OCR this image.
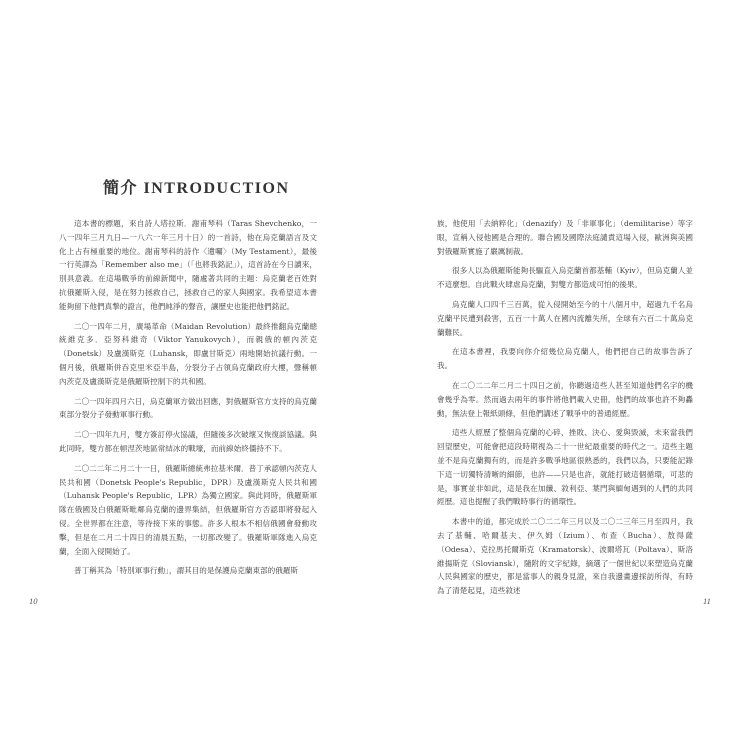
簡介 INTRODUCTION

這本書的標題，來自詩人塔拉斯．謝甫琴科（Taras Shevchenko，一八一四年三月九日—一八六一年三月十日）的一首詩，他在烏克蘭語言及文化上占有極重要的地位。謝甫琴科的詩作〈遺囑〉（My Testament），最後一行英譯為「Remember also me」（「也將我銘記」），這首詩在今日讀來，別具意義。在這場戰爭的前線新聞中，隨處著共同的主題：烏克蘭老百姓對抗俄羅斯入侵，是在努力拯救自己，拯救自己的家人與國家。我希望這本書能夠留下他們真摯的證言，他們純淨的聲音，讓歷史也能把他們銘記。

二〇一四年二月，廣場革命（Maidan Revolution）最終推翻烏克蘭總統維克多．亞努科維奇（Viktor Yanukovych），而親俄的頓內茨克（Donetsk）及盧漢斯克（Luhansk，即盧甘斯克）兩地開始抗議行動。一個月後，俄羅斯併吞克里米亞半島，分裂分子占領烏克蘭政府大樓，聲稱頓內茨克及盧漢斯克是俄羅斯控制下的共和國。

二〇一四年四月六日，烏克蘭軍方做出回應，對俄羅斯官方支持的烏克蘭東部分裂分子發動軍事行動。

二〇一四年九月，雙方簽訂停火協議，但隨後多次破壞又恢復談協議。與此同時，雙方都在頓涅茨地區常結冰的戰壕，而前線始終僵持不下。

二〇二二年二月二十一日，俄羅斯總統弗拉基米爾．普丁承認頓內茨克人民共和國（Donetsk People's Republic，DPR）及盧漢斯克人民共和國（Luhansk People's Republic，LPR）為獨立國家。與此同時，俄羅斯軍隊在俄國及白俄羅斯毗鄰烏克蘭的邊界集結，但俄羅斯官方否認即將發起入侵。全世界都在注意，等待接下來的事態。許多人根本不相信俄國會發動攻擊，但是在二月二十四日的清晨五點，一切都改變了。俄羅斯軍隊進入烏克蘭，全面入侵開始了。

普丁稱其為「特別軍事行動」，謂其目的是保護烏克蘭東部的俄羅斯

10

族，他使用「去納粹化」（denazify）及「非軍事化」（demilitarise）等字眼，宣稱入侵他國是合理的。聯合國及國際法庭譴責這場入侵，歐洲與美國對俄羅斯實施了嚴厲制裁。

很多人以為俄羅斯能夠長驅直入烏克蘭首都基輔（Kyiv），但烏克蘭人並不這麼想。自此戰火肆虐烏克蘭，對雙方都造成可怕的後果。

烏克蘭人口四千三百萬，從入侵開始至今的十八個月中，超過九千名烏克蘭平民遭到殺害，五百一十萬人在國內流離失所，全球有六百二十萬烏克蘭難民。

在這本書裡，我要向你介紹幾位烏克蘭人，他們把自己的故事告訴了我。

在二〇二二年二月二十四日之前，你聽過這些人甚至知道他們名字的機會幾乎為零。然而過去兩年的事件將他們載入史冊，他們的故事也許不夠轟動，無法登上報紙頭條，但他們講述了戰爭中的普通經歷。

這些人經歷了整個烏克蘭的心碎、挫敗、決心、愛與毀滅，未來當我們回望歷史，可能會把這段時期視為二十一世紀最重要的時代之一。這些主題並不是烏克蘭獨有的，而是許多戰爭地區很熟悉的，我們以為，只要能記錄下這一切獨特清晰的細節，也許——只是也許，就能打破這個循環，可悲的是，事實並非如此，這是我在加纖、敘利亞、葉門與緬甸遇到的人們的共同經歷。這也提醒了我們戰時事行的循環性。

本書中的道，都完成於二〇二二年三月以及二〇二三年三月至四月，我去了基輔、哈爾基夫、伊久姆（Izium）、布查（Bucha）、敖得薩（Odesa）、克拉馬托爾斯克（Kramatorsk）、波爾塔瓦（Poltava）、斯洛維揚斯克（Sloviansk），隨附的文字紀錄，摘選了一個世紀以來塑造烏克蘭人民與國家的歷史，都是當事人的親身見證，來自我邊畫邊採訪所得，有時為了清楚起見，這些敘述

11
